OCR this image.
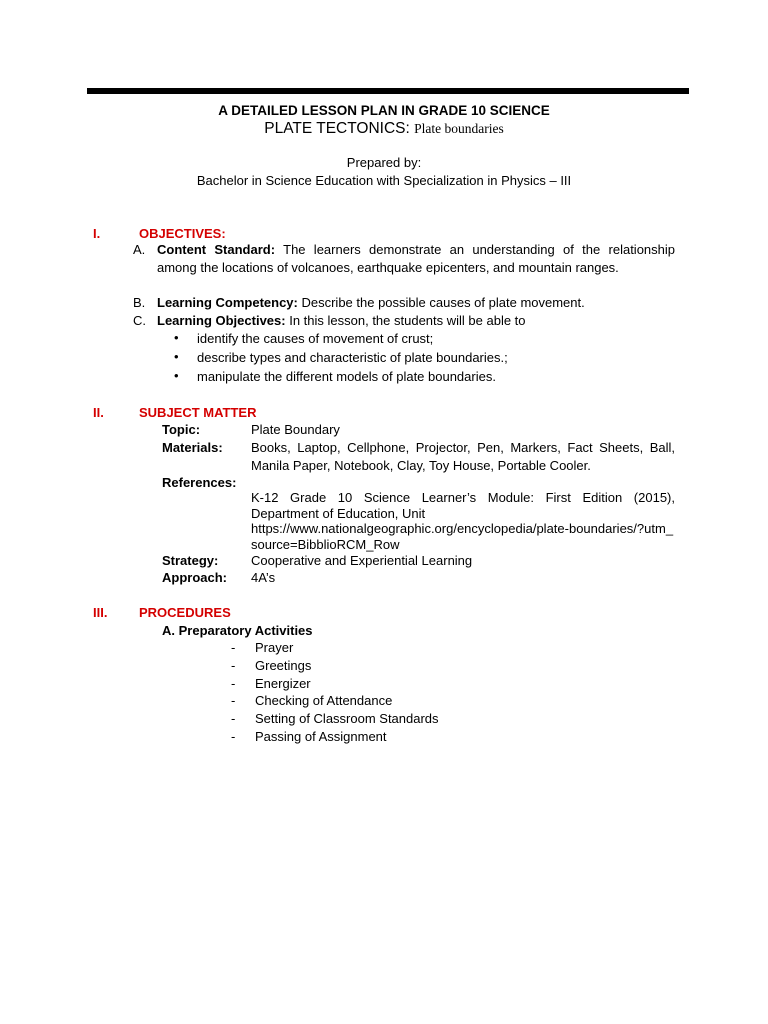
A DETAILED LESSON PLAN IN GRADE 10 SCIENCE
PLATE TECTONICS: Plate boundaries
Prepared by:
Bachelor in Science Education with Specialization in Physics – III
I.	OBJECTIVES:
A. Content Standard: The learners demonstrate an understanding of the relationship among the locations of volcanoes, earthquake epicenters, and mountain ranges.
B. Learning Competency: Describe the possible causes of plate movement.
C. Learning Objectives: In this lesson, the students will be able to
• identify the causes of movement of crust;
• describe types and characteristic of plate boundaries.;
• manipulate the different models of plate boundaries.
II.	SUBJECT MATTER
Topic:	Plate Boundary
Materials: Books, Laptop, Cellphone, Projector, Pen, Markers, Fact Sheets, Ball, Manila Paper, Notebook, Clay, Toy House, Portable Cooler.
References:
K-12 Grade 10 Science Learner’s Module: First Edition (2015), Department of Education, Unit
https://www.nationalgeographic.org/encyclopedia/plate-boundaries/?utm_source=BibblioRCM_Row
Strategy:	Cooperative and Experiential Learning
Approach: 4A’s
III. PROCEDURES
A. Preparatory Activities
- Prayer
- Greetings
- Energizer
- Checking of Attendance
- Setting of Classroom Standards
- Passing of Assignment
